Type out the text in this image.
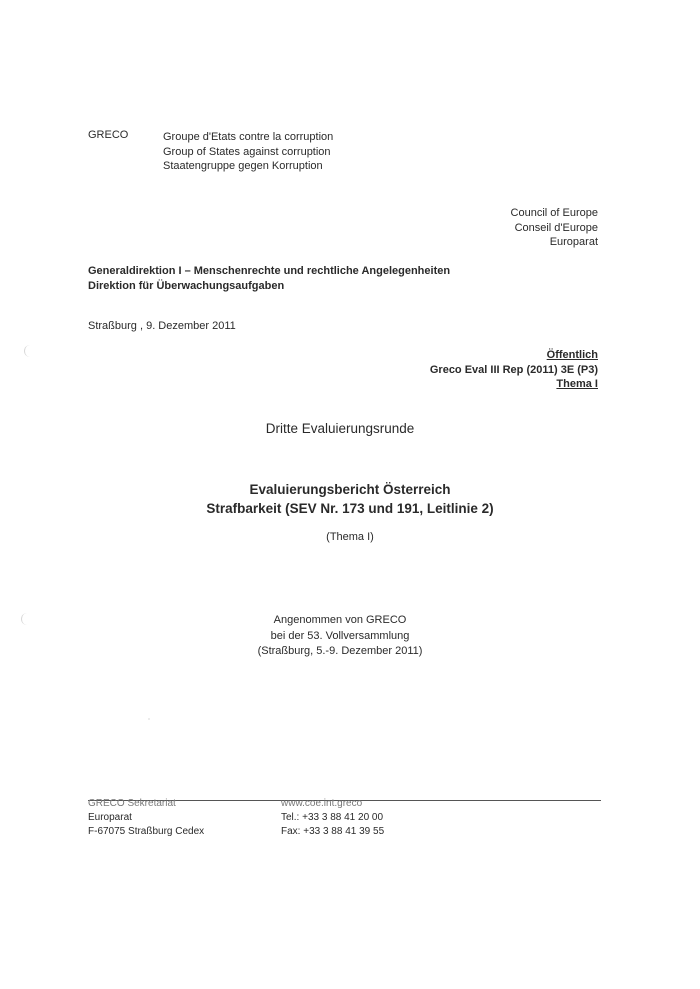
GRECO	Groupe d'Etats contre la corruption
Group of States against corruption
Staatengruppe gegen Korruption
Council of Europe
Conseil d'Europe
Europarat
Generaldirektion I – Menschenrechte und rechtliche Angelegenheiten
Direktion für Überwachungsaufgaben
Straßburg , 9. Dezember 2011
Öffentlich
Greco Eval III Rep (2011) 3E (P3)
Thema I
Dritte Evaluierungsrunde
Evaluierungsbericht Österreich
Strafbarkeit (SEV Nr. 173 und 191, Leitlinie 2)
(Thema I)
Angenommen von GRECO
bei der 53. Vollversammlung
(Straßburg, 5.-9. Dezember 2011)
GRECO Sekretariat
Europarat
F-67075 Straßburg Cedex
www.coe.int.greco
Tel.: +33 3 88 41 20 00
Fax: +33 3 88 41 39 55
